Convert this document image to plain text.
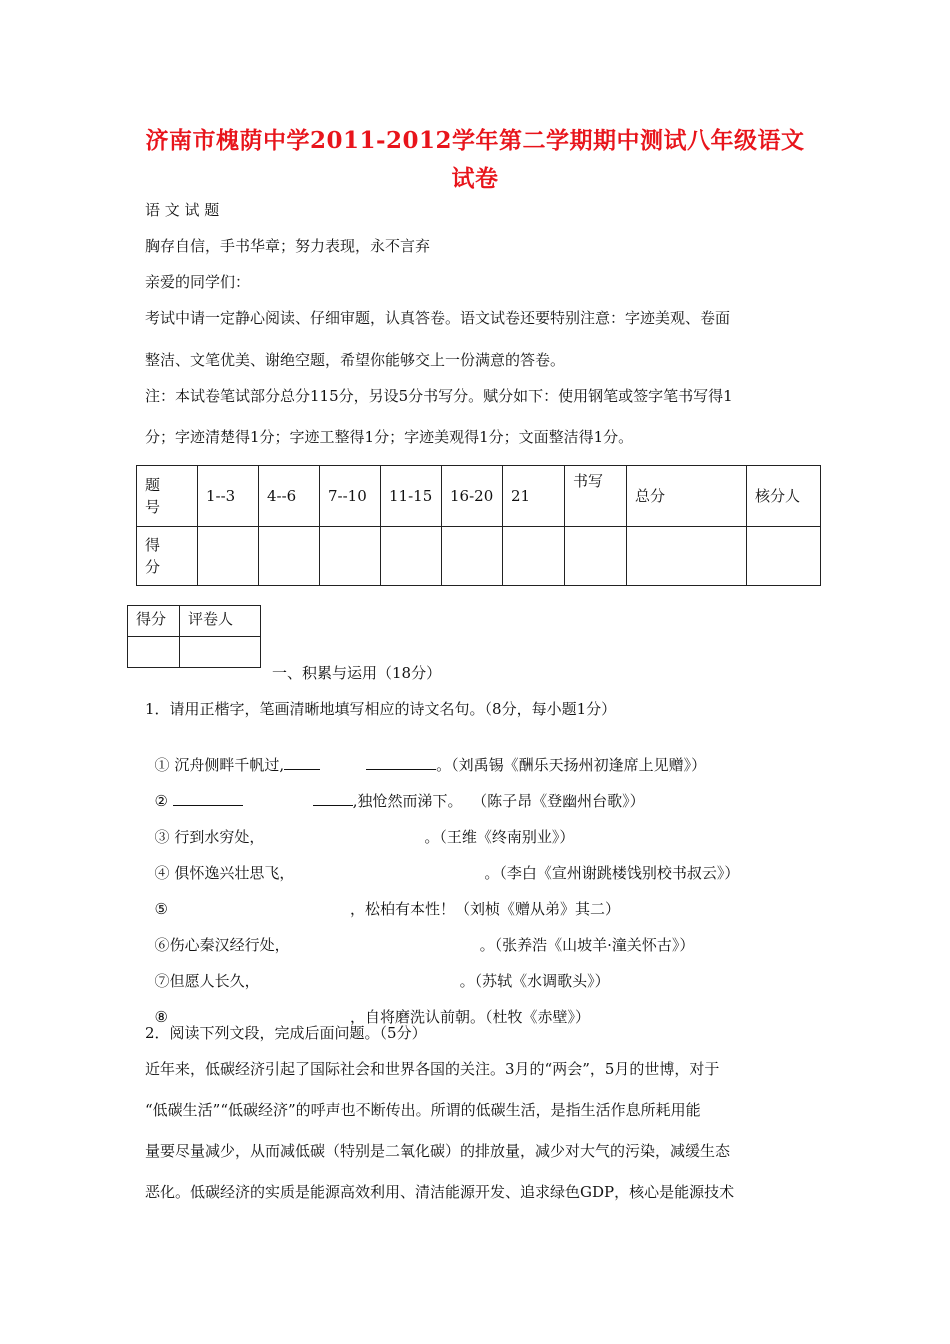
济南市槐荫中学2011-2012学年第二学期期中测试八年级语文
试卷
语 文 试 题
胸存自信，手书华章；努力表现，永不言弃
亲爱的同学们：
考试中请一定静心阅读、仔细审题，认真答卷。语文试卷还要特别注意：字迹美观、卷面
整洁、文笔优美、谢绝空题，希望你能够交上一份满意的答卷。
注：本试卷笔试部分总分115分，另设5分书写分。赋分如下：使用钢笔或签字笔书写得1
分；字迹清楚得1分；字迹工整得1分；字迹美观得1分；文面整洁得1分。
题号	1--3	4--6	7--10	11-15	16-20	21	书写	总分	核分人
得分									
得分	评卷人

一、积累与运用（18分）
1．请用正楷字，笔画清晰地填写相应的诗文名句。（8分，每小题1分）

① 沉舟侧畔千帆过,	。（刘禹锡《酬乐天扬州初逢席上见赠》）

②	,独怆然而涕下。  （陈子昂《登幽州台歌》）

③ 行到水穷处，	。（王维《终南别业》）

④ 俱怀逸兴壮思飞，	。（李白《宣州谢跳楼饯别校书叔云》）

⑤	，松柏有本性！（刘桢《赠从弟》其二）

⑥伤心秦汉经行处，	。（张养浩《山坡羊·潼关怀古》）

⑦但愿人长久，	。（苏轼《水调歌头》）

⑧	，自将磨洗认前朝。（杜牧《赤壁》）

2．阅读下列文段，完成后面问题。（5分）
近年来，低碳经济引起了国际社会和世界各国的关注。3月的“两会”，5月的世博，对于
“低碳生活”“低碳经济”的呼声也不断传出。所谓的低碳生活，是指生活作息所耗用能
量要尽量减少，从而减低碳（特别是二氧化碳）的排放量，减少对大气的污染，减缓生态
恶化。低碳经济的实质是能源高效利用、清洁能源开发、追求绿色GDP，核心是能源技术
